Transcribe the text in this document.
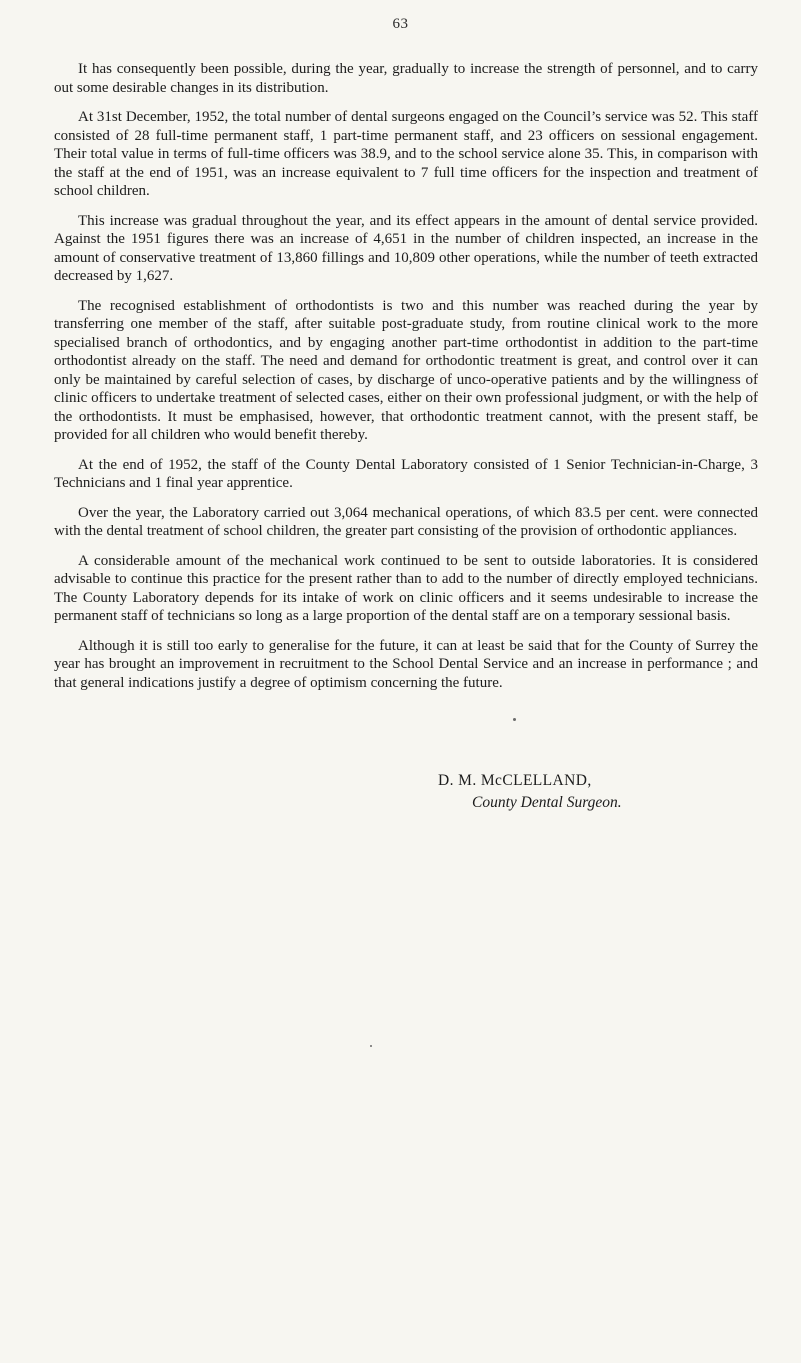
63

It has consequently been possible, during the year, gradually to increase the strength of personnel, and to carry out some desirable changes in its distribution.

At 31st December, 1952, the total number of dental surgeons engaged on the Council’s service was 52. This staff consisted of 28 full-time permanent staff, 1 part-time permanent staff, and 23 officers on sessional engagement. Their total value in terms of full-time officers was 38.9, and to the school service alone 35. This, in comparison with the staff at the end of 1951, was an increase equivalent to 7 full time officers for the inspection and treatment of school children.

This increase was gradual throughout the year, and its effect appears in the amount of dental service provided. Against the 1951 figures there was an increase of 4,651 in the number of children inspected, an increase in the amount of conservative treatment of 13,860 fillings and 10,809 other operations, while the number of teeth extracted decreased by 1,627.

The recognised establishment of orthodontists is two and this number was reached during the year by transferring one member of the staff, after suitable post-graduate study, from routine clinical work to the more specialised branch of orthodontics, and by engaging another part-time orthodontist in addition to the part-time orthodontist already on the staff. The need and demand for orthodontic treatment is great, and control over it can only be maintained by careful selection of cases, by discharge of unco-operative patients and by the willingness of clinic officers to undertake treatment of selected cases, either on their own professional judgment, or with the help of the orthodontists. It must be emphasised, however, that orthodontic treatment cannot, with the present staff, be provided for all children who would benefit thereby.

At the end of 1952, the staff of the County Dental Laboratory consisted of 1 Senior Technician-in-Charge, 3 Technicians and 1 final year apprentice.

Over the year, the Laboratory carried out 3,064 mechanical operations, of which 83.5 per cent. were connected with the dental treatment of school children, the greater part consisting of the provision of orthodontic appliances.

A considerable amount of the mechanical work continued to be sent to outside laboratories. It is considered advisable to continue this practice for the present rather than to add to the number of directly employed technicians. The County Laboratory depends for its intake of work on clinic officers and it seems undesirable to increase the permanent staff of technicians so long as a large proportion of the dental staff are on a temporary sessional basis.

Although it is still too early to generalise for the future, it can at least be said that for the County of Surrey the year has brought an improvement in recruitment to the School Dental Service and an increase in performance ; and that general indications justify a degree of optimism concerning the future.

D. M. McCLELLAND,
County Dental Surgeon.
